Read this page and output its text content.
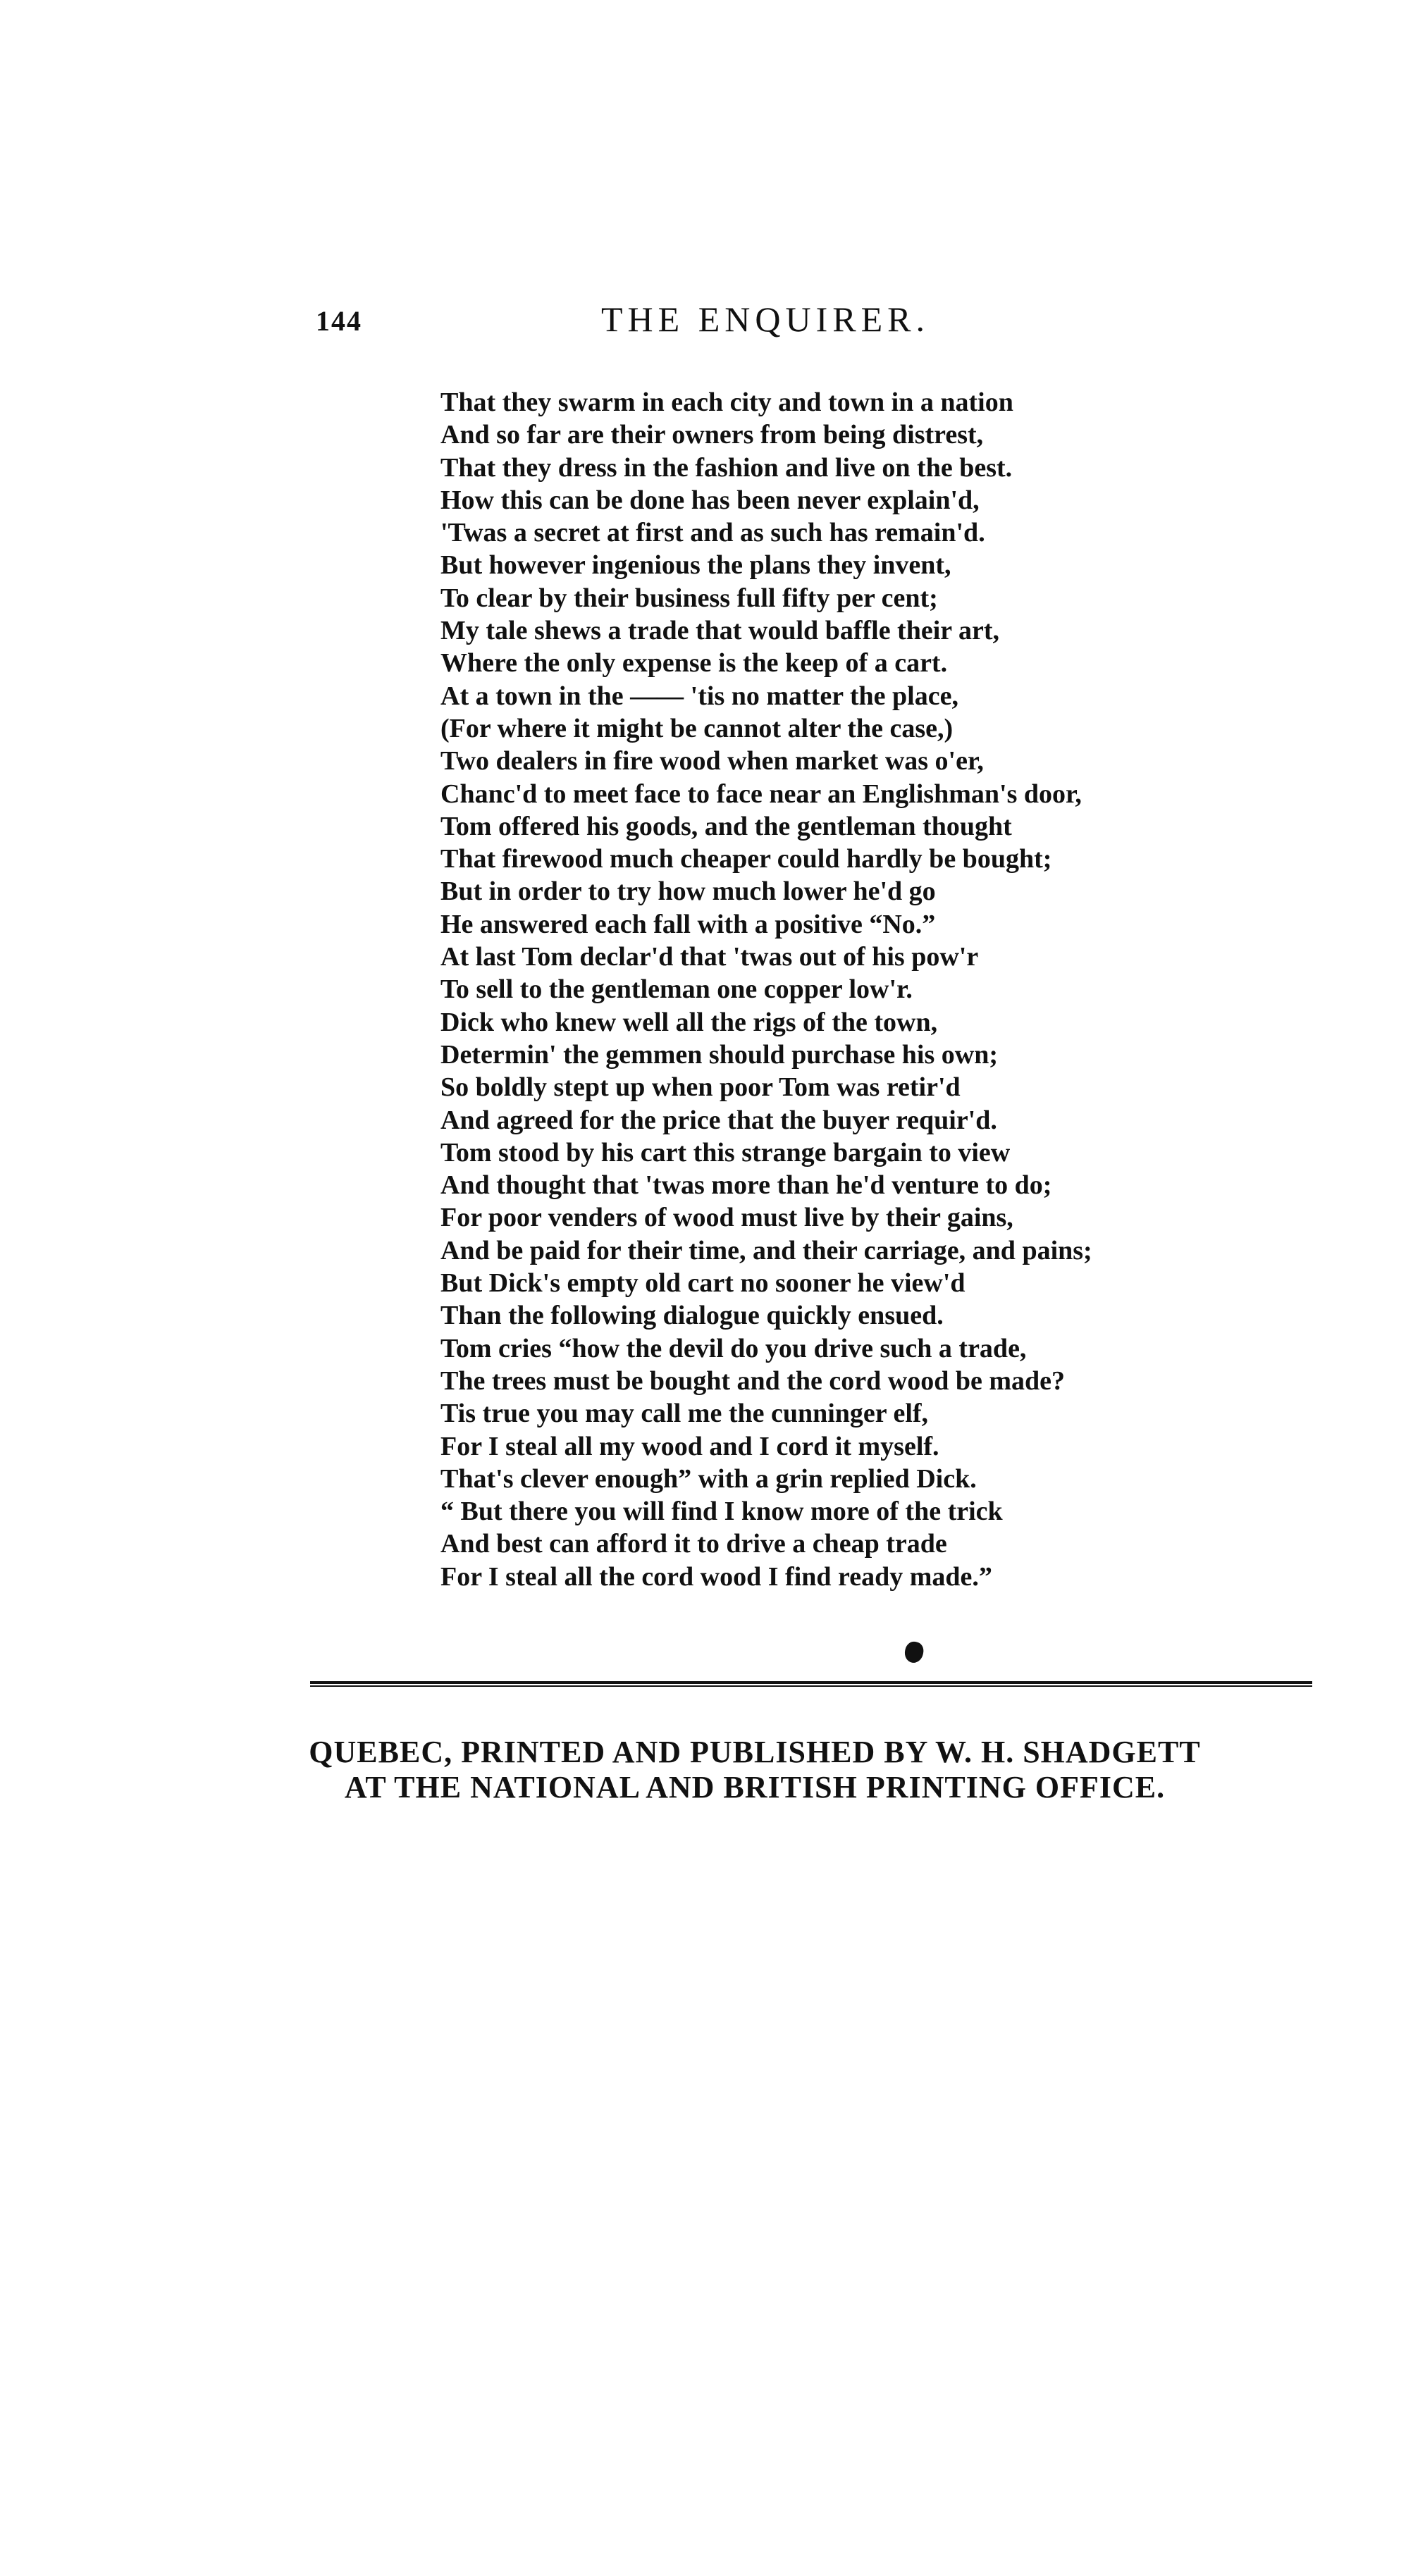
144	THE ENQUIRER.
That they swarm in each city and town in a nation
And so far are their owners from being distrest,
That they dress in the fashion and live on the best.
How this can be done has been never explain'd,
'Twas a secret at first and as such has remain'd.
But however ingenious the plans they invent,
To clear by their business full fifty per cent;
My tale shews a trade that would baffle their art,
Where the only expense is the keep of a cart.
At a town in the —— 'tis no matter the place,
(For where it might be cannot alter the case,)
Two dealers in fire wood when market was o'er,
Chanc'd to meet face to face near an Englishman's door,
Tom offered his goods, and the gentleman thought
That firewood much cheaper could hardly be bought;
But in order to try how much lower he'd go
He answered each fall with a positive “No.”
At last Tom declar'd that 'twas out of his pow'r
To sell to the gentleman one copper low'r.
Dick who knew well all the rigs of the town,
Determin' the gemmen should purchase his own;
So boldly stept up when poor Tom was retir'd
And agreed for the price that the buyer requir'd.
Tom stood by his cart this strange bargain to view
And thought that 'twas more than he'd venture to do;
For poor venders of wood must live by their gains,
And be paid for their time, and their carriage, and pains;
But Dick's empty old cart no sooner he view'd
Than the following dialogue quickly ensued.
Tom cries “how the devil do you drive such a trade,
The trees must be bought and the cord wood be made?
Tis true you may call me the cunninger elf,
For I steal all my wood and I cord it myself.
That's clever enough” with a grin replied Dick.
“ But there you will find I know more of the trick
And best can afford it to drive a cheap trade
For I steal all the cord wood I find ready made.”
QUEBEC, PRINTED AND PUBLISHED BY W. H. SHADGETT
AT THE NATIONAL AND BRITISH PRINTING OFFICE.
